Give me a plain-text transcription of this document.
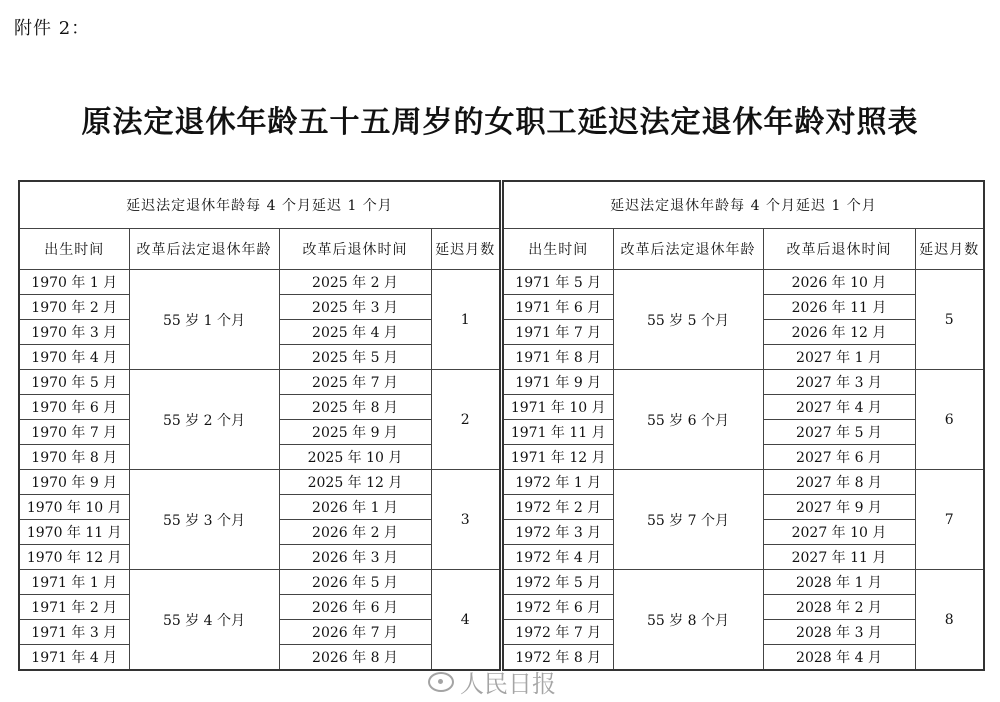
附件 2：
原法定退休年龄五十五周岁的女职工延迟法定退休年龄对照表
延迟法定退休年龄每 4 个月延迟 1 个月			
出生时间	改革后法定退休年龄	改革后退休时间	延迟月数
1970 年 1 月	55 岁 1 个月	2025 年 2 月	1
1970 年 2 月		2025 年 3 月	
1970 年 3 月		2025 年 4 月	
1970 年 4 月		2025 年 5 月	
1970 年 5 月	55 岁 2 个月	2025 年 7 月	2
1970 年 6 月		2025 年 8 月	
1970 年 7 月		2025 年 9 月	
1970 年 8 月		2025 年 10 月	
1970 年 9 月	55 岁 3 个月	2025 年 12 月	3
1970 年 10 月		2026 年 1 月	
1970 年 11 月		2026 年 2 月	
1970 年 12 月		2026 年 3 月	
1971 年 1 月	55 岁 4 个月	2026 年 5 月	4
1971 年 2 月		2026 年 6 月	
1971 年 3 月		2026 年 7 月	
1971 年 4 月		2026 年 8 月	
延迟法定退休年龄每 4 个月延迟 1 个月			
出生时间	改革后法定退休年龄	改革后退休时间	延迟月数
1971 年 5 月	55 岁 5 个月	2026 年 10 月	5
1971 年 6 月		2026 年 11 月	
1971 年 7 月		2026 年 12 月	
1971 年 8 月		2027 年 1 月	
1971 年 9 月	55 岁 6 个月	2027 年 3 月	6
1971 年 10 月		2027 年 4 月	
1971 年 11 月		2027 年 5 月	
1971 年 12 月		2027 年 6 月	
1972 年 1 月	55 岁 7 个月	2027 年 8 月	7
1972 年 2 月		2027 年 9 月	
1972 年 3 月		2027 年 10 月	
1972 年 4 月		2027 年 11 月	
1972 年 5 月	55 岁 8 个月	2028 年 1 月	8
1972 年 6 月		2028 年 2 月	
1972 年 7 月		2028 年 3 月	
1972 年 8 月		2028 年 4 月	
人民日报
